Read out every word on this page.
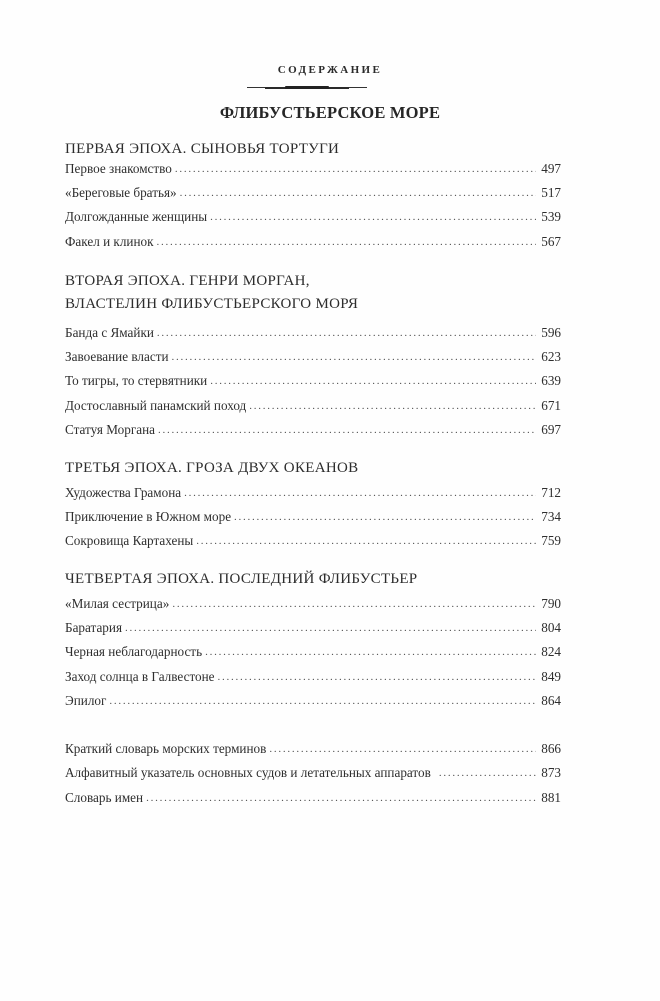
СОДЕРЖАНИЕ
ФЛИБУСТЬЕРСКОЕ МОРЕ
ПЕРВАЯ ЭПОХА. СЫНОВЬЯ ТОРТУГИ
Первое знакомство . . .	497
«Береговые братья» . . .	517
Долгожданные женщины . . .	539
Факел и клинок . . .	567
ВТОРАЯ ЭПОХА. ГЕНРИ МОРГАН,
ВЛАСТЕЛИН ФЛИБУСТЬЕРСКОГО МОРЯ
Банда с Ямайки . . .	596
Завоевание власти . . .	623
То тигры, то стервятники . . .	639
Достославный панамский поход . . .	671
Статуя Моргана . . .	697
ТРЕТЬЯ ЭПОХА. ГРОЗА ДВУХ ОКЕАНОВ
Художества Грамона . . .	712
Приключение в Южном море . . .	734
Сокровища Картахены . . .	759
ЧЕТВЕРТАЯ ЭПОХА. ПОСЛЕДНИЙ ФЛИБУСТЬЕР
«Милая сестрица» . . .	790
Баратария . . .	804
Черная неблагодарность . . .	824
Заход солнца в Галвестоне . . .	849
Эпилог . . .	864
Краткий словарь морских терминов . . .	866
Алфавитный указатель основных судов и летательных аппаратов . . .	873
Словарь имен . . .	881
